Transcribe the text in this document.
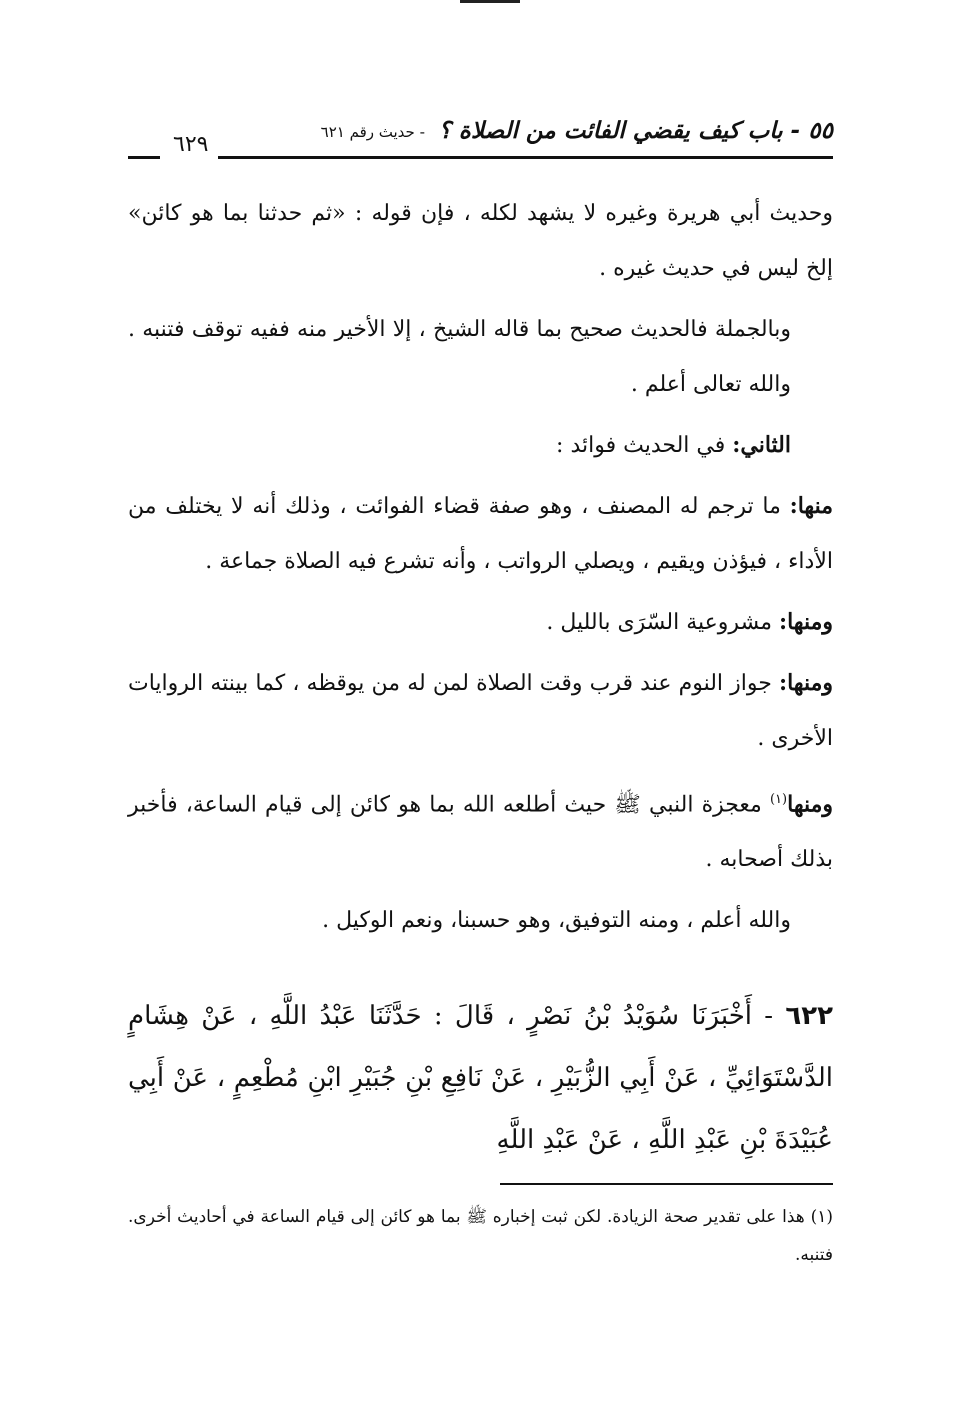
٥٥ - باب كيف يقضي الفائت من الصلاة ؟
- حديث رقم ٦٢١
٦٢٩

وحديث أبي هريرة وغيره لا يشهد لكله ، فإن قوله : «ثم حدثنا بما هو كائن» إلخ ليس في حديث غيره .

وبالجملة فالحديث صحيح بما قاله الشيخ ، إلا الأخير منه ففيه توقف فتنبه . والله تعالى أعلم .

الثاني: في الحديث فوائد :

منها: ما ترجم له المصنف ، وهو صفة قضاء الفوائت ، وذلك أنه لا يختلف من الأداء ، فيؤذن ويقيم ، ويصلي الرواتب ، وأنه تشرع فيه الصلاة جماعة .

ومنها: مشروعية السّرَى بالليل .

ومنها: جواز النوم عند قرب وقت الصلاة لمن له من يوقظه ، كما بينته الروايات الأخرى .

ومنها$^{(١)}$ معجزة النبي ﷺ حيث أطلعه الله بما هو كائن إلى قيام الساعة، فأخبر بذلك أصحابه .

والله أعلم ، ومنه التوفيق، وهو حسبنا، ونعم الوكيل .

٦٢٢ - أَخْبَرَنَا سُوَيْدُ بْنُ نَصْرٍ ، قَالَ : حَدَّثَنَا عَبْدُ اللَّهِ ، عَنْ هِشَامٍ الدَّسْتَوَائِيِّ ، عَنْ أَبِي الزُّبَيْرِ ، عَنْ نَافِعِ بْنِ جُبَيْرِ ابْنِ مُطْعِمٍ ، عَنْ أَبِي عُبَيْدَةَ بْنِ عَبْدِ اللَّهِ ، عَنْ عَبْدِ اللَّهِ
(١) هذا على تقدير صحة الزيادة. لكن ثبت إخباره ﷺ بما هو كائن إلى قيام الساعة في أحاديث أخرى. فتنبه.
